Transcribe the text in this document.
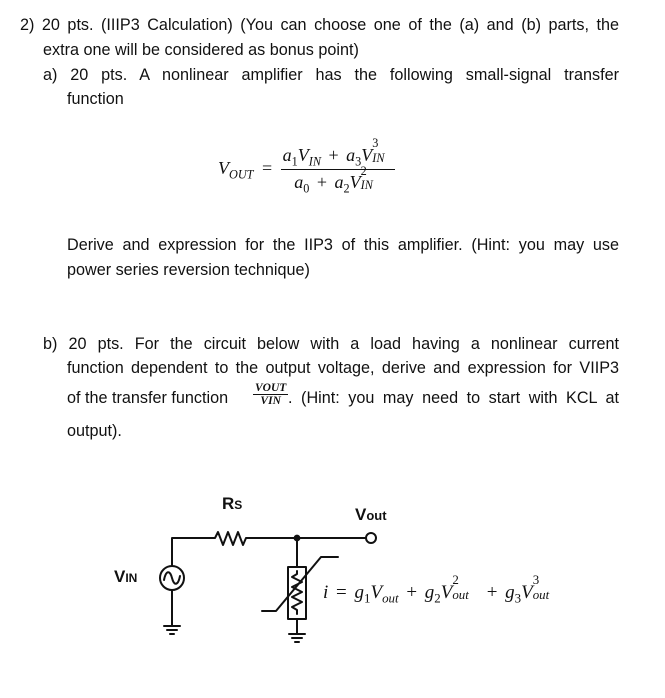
2) 20 pts. (IIIP3 Calculation) (You can choose one of the (a) and (b) parts, the
extra one will be considered as bonus point)
a) 20 pts. A nonlinear amplifier has the following small-signal transfer
function
$V_{OUT} = a_1V_{IN} + a_3V$
3
IN
$a_0 + a_2V$
2
IN
Derive and expression for the IIP3 of this amplifier. (Hint: you may use
power series reversion technique)
b) 20 pts. For the circuit below with a load having a nonlinear current
function dependent to the output voltage, derive and expression for VIIP3
of the transfer function
VOUT
VIN . (Hint: you may need to start with KCL at
output).
RS	Vout
VIN
$i = g_1V_{out} + g_2V$
2
out + $g_3V$
3
out
